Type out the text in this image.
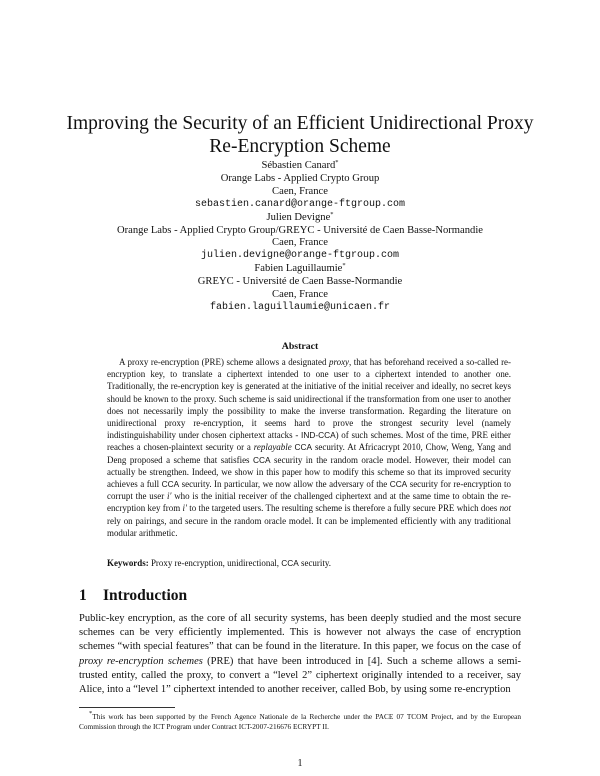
Improving the Security of an Efficient Unidirectional Proxy
Re-Encryption Scheme
Sébastien Canard*
Orange Labs - Applied Crypto Group
Caen, France
sebastien.canard@orange-ftgroup.com
Julien Devigne*
Orange Labs - Applied Crypto Group/GREYC - Université de Caen Basse-Normandie
Caen, France
julien.devigne@orange-ftgroup.com
Fabien Laguillaumie*
GREYC - Université de Caen Basse-Normandie
Caen, France
fabien.laguillaumie@unicaen.fr
Abstract

A proxy re-encryption (PRE) scheme allows a designated proxy, that has beforehand received a so-called re-encryption key, to translate a ciphertext intended to one user to a ciphertext intended to another one. Traditionally, the re-encryption key is generated at the initiative of the initial receiver and ideally, no secret keys should be known to the proxy. Such scheme is said unidirectional if the transformation from one user to another does not necessarily imply the possibility to make the inverse transformation. Regarding the literature on unidirectional proxy re-encryption, it seems hard to prove the strongest security level (namely indistinguishability under chosen ciphertext attacks - IND-CCA) of such schemes. Most of the time, PRE either reaches a chosen-plaintext security or a replayable CCA security. At Africacrypt 2010, Chow, Weng, Yang and Deng proposed a scheme that satisfies CCA security in the random oracle model. However, their model can actually be strengthen. Indeed, we show in this paper how to modify this scheme so that its improved security achieves a full CCA security. In particular, we now allow the adversary of the CCA security for re-encryption to corrupt the user i′ who is the initial receiver of the challenged ciphertext and at the same time to obtain the re-encryption key from i′ to the targeted users. The resulting scheme is therefore a fully secure PRE which does not rely on pairings, and secure in the random oracle model. It can be implemented efficiently with any traditional modular arithmetic.

Keywords: Proxy re-encryption, unidirectional, CCA security.
1 Introduction

Public-key encryption, as the core of all security systems, has been deeply studied and the most secure schemes can be very efficiently implemented. This is however not always the case of encryption schemes “with special features” that can be found in the literature. In this paper, we focus on the case of proxy re-encryption schemes (PRE) that have been introduced in [4]. Such a scheme allows a semi-trusted entity, called the proxy, to convert a “level 2” ciphertext originally intended to a receiver, say Alice, into a “level 1” ciphertext intended to another receiver, called Bob, by using some re-encryption

*This work has been supported by the French Agence Nationale de la Recherche under the PACE 07 TCOM Project, and by the European Commission through the ICT Program under Contract ICT-2007-216676 ECRYPT II.

1
